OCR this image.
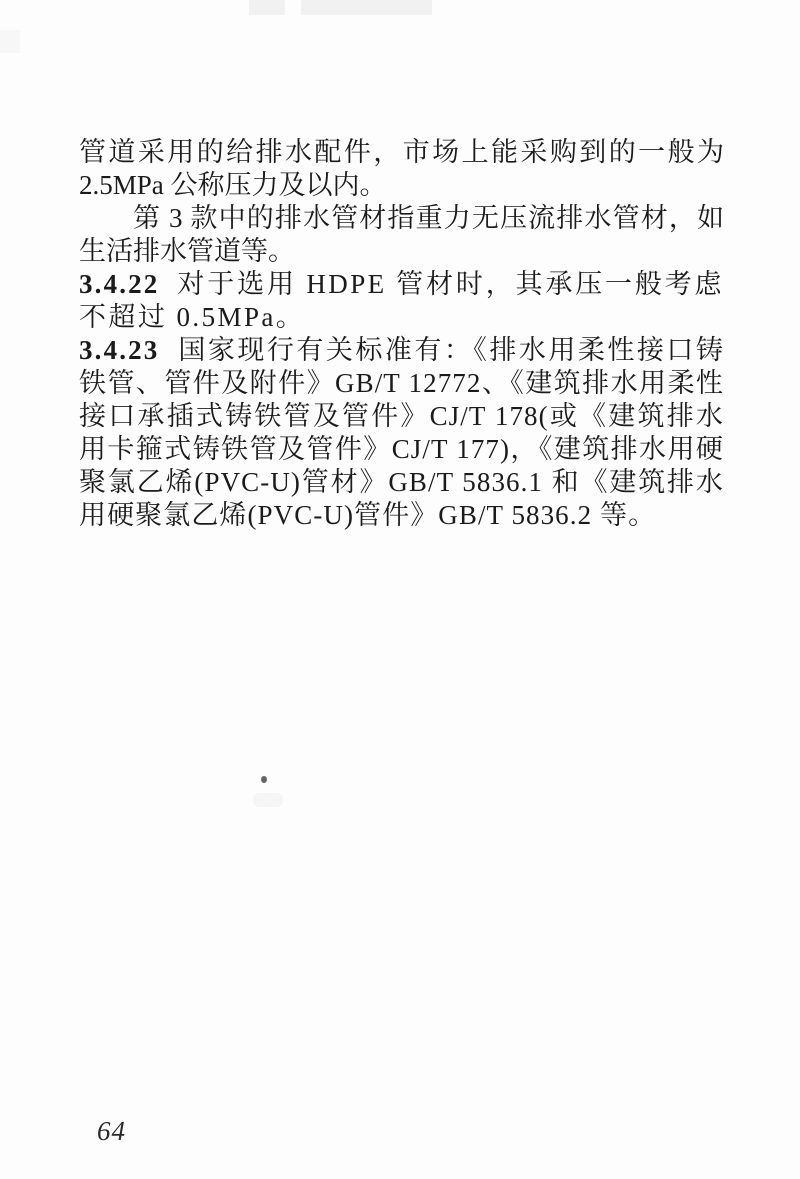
管道采用的给排水配件，市场上能采购到的一般为 2.5MPa 公称压力及以内。

第 3 款中的排水管材指重力无压流排水管材，如生活排水管道等。

3.4.22 对于选用 HDPE 管材时，其承压一般考虑不超过 0.5MPa。

3.4.23 国家现行有关标准有：《排水用柔性接口铸铁管、管件及附件》GB/T 12772、《建筑排水用柔性接口承插式铸铁管及管件》CJ/T 178(或《建筑排水用卡箍式铸铁管及管件》CJ/T 177)，《建筑排水用硬聚氯乙烯(PVC-U)管材》GB/T 5836.1 和《建筑排水用硬聚氯乙烯(PVC-U)管件》GB/T 5836.2 等。

64
